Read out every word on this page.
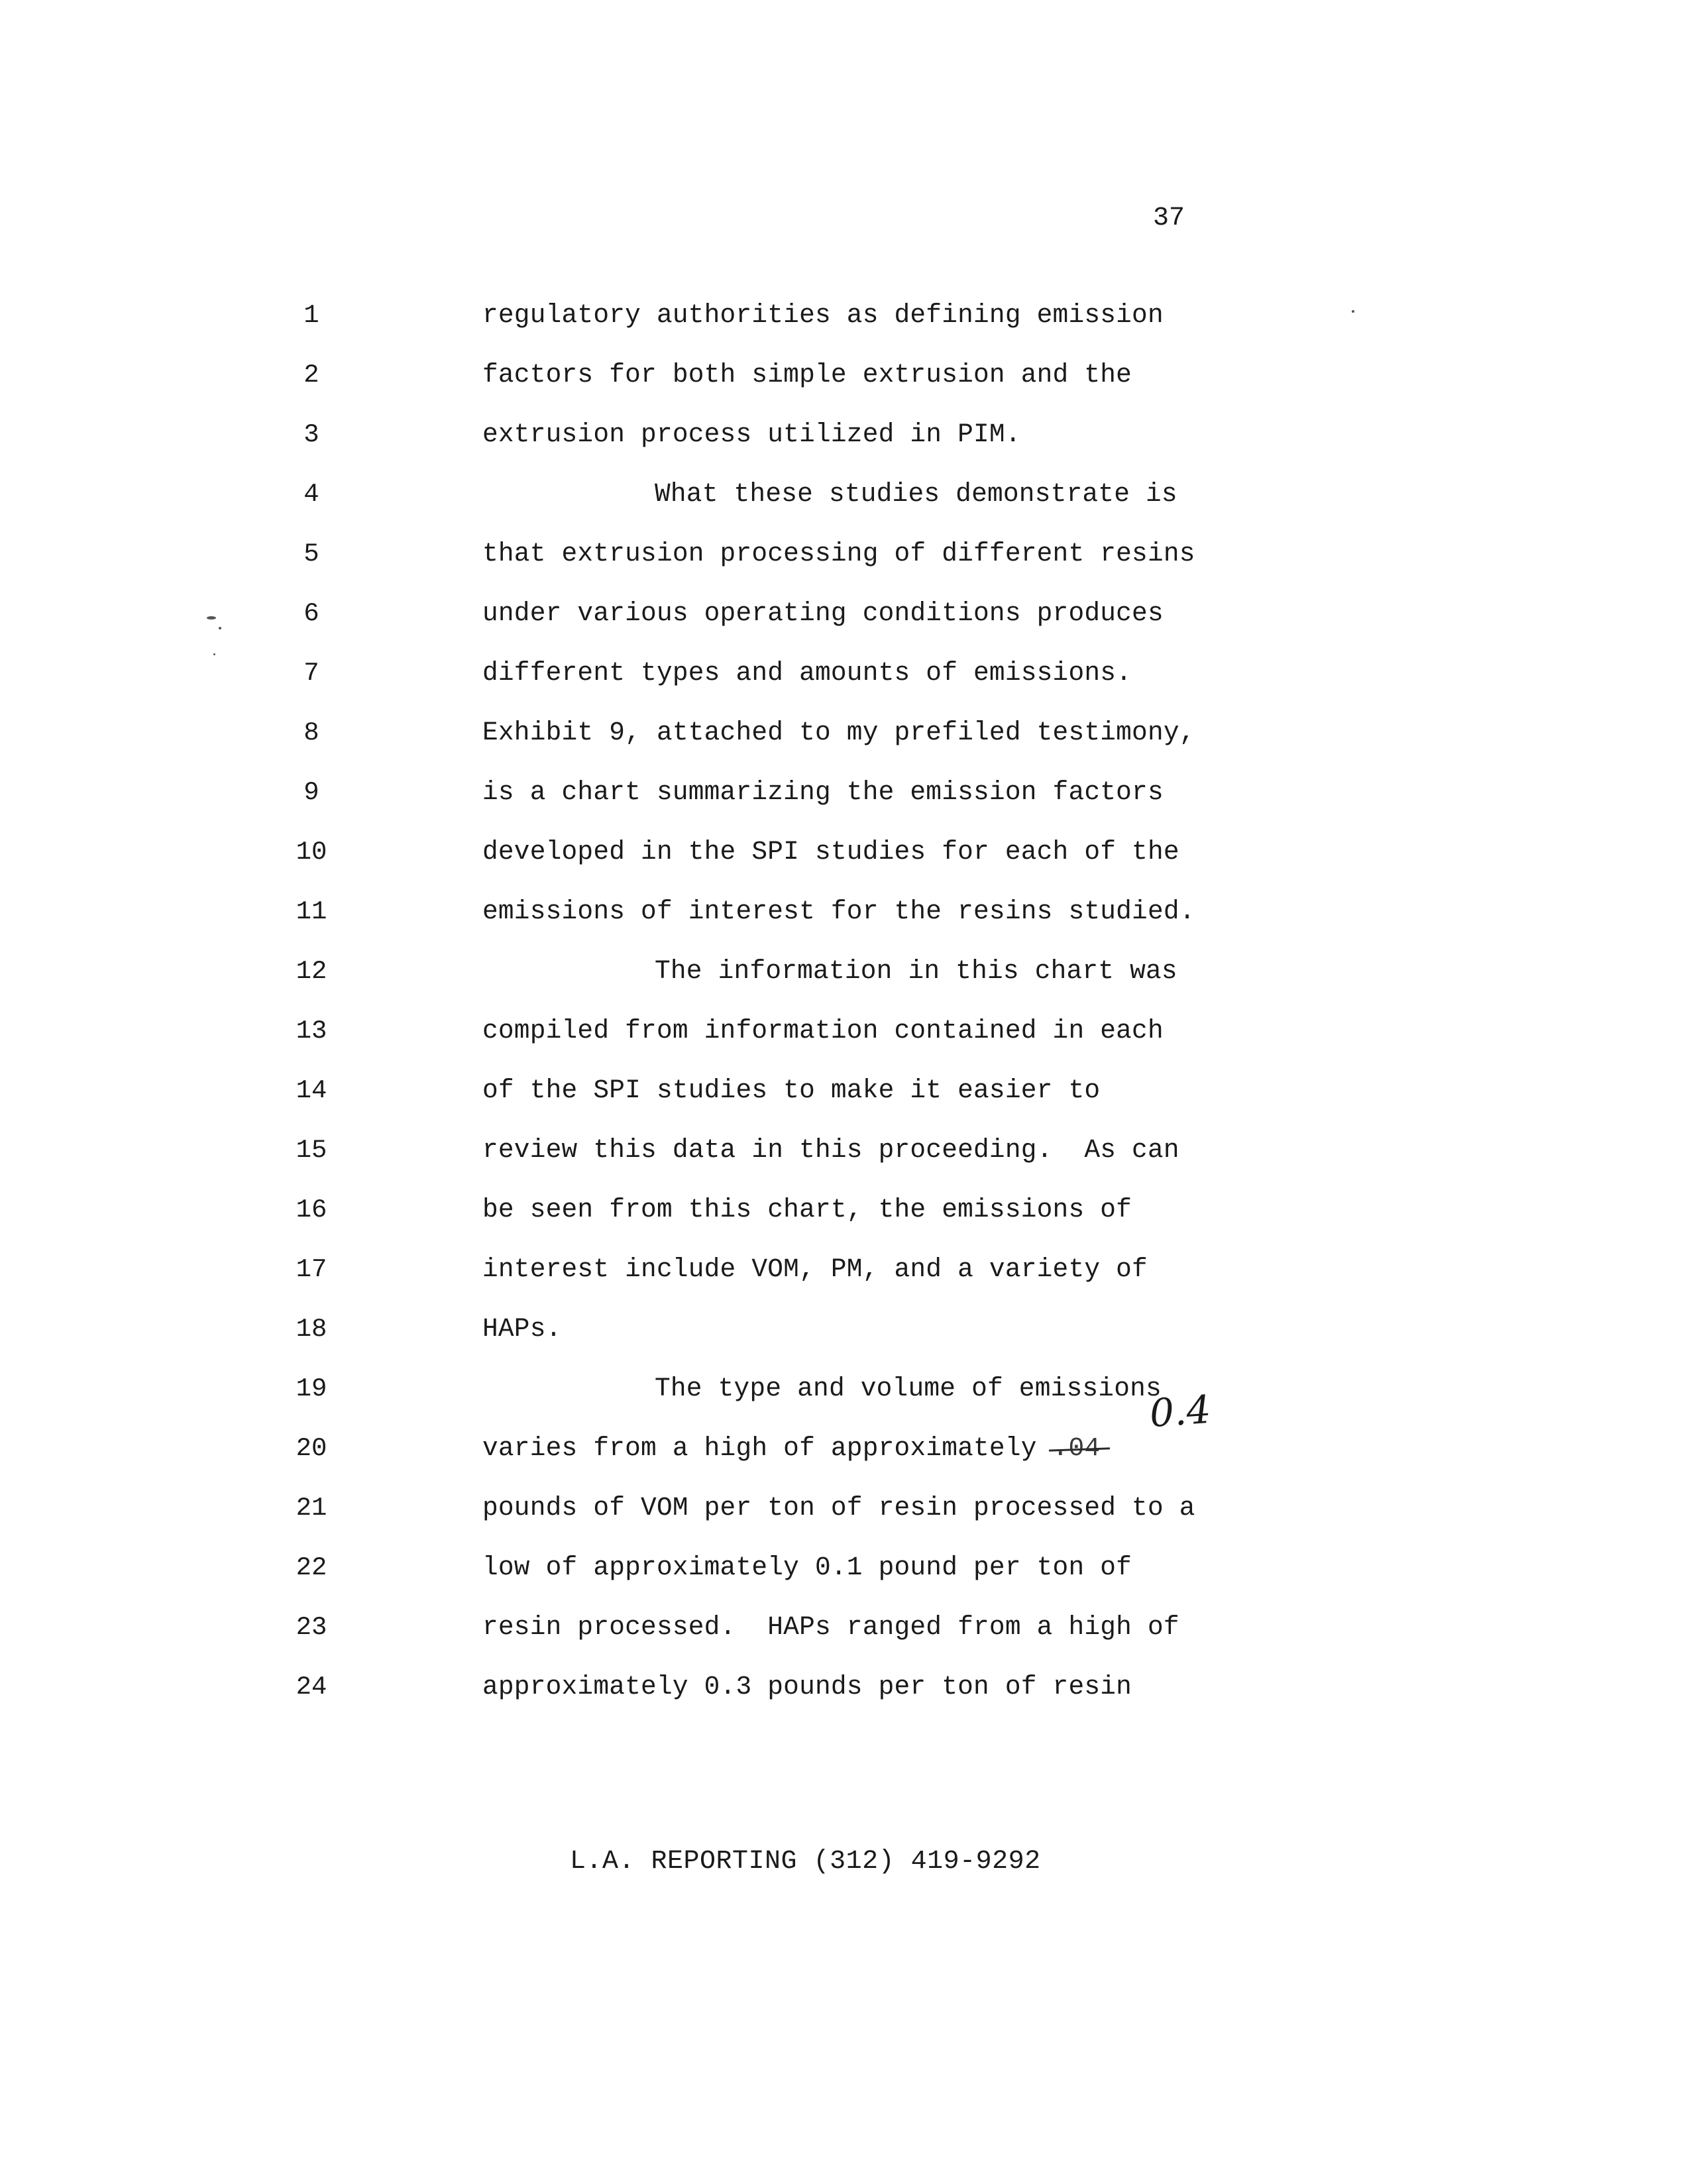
37
1	regulatory authorities as defining emission
2	factors for both simple extrusion and the
3	extrusion process utilized in PIM.
4	What these studies demonstrate is
5	that extrusion processing of different resins
6	under various operating conditions produces
7	different types and amounts of emissions.
8	Exhibit 9, attached to my prefiled testimony,
9	is a chart summarizing the emission factors
10	developed in the SPI studies for each of the
11	emissions of interest for the resins studied.
12	The information in this chart was
13	compiled from information contained in each
14	of the SPI studies to make it easier to
15	review this data in this proceeding.  As can
16	be seen from this chart, the emissions of
17	interest include VOM, PM, and a variety of
18	HAPs.
19	The type and volume of emissions
20	varies from a high of approximately .04
21	pounds of VOM per ton of resin processed to a
22	low of approximately 0.1 pound per ton of
23	resin processed.  HAPs ranged from a high of
24	approximately 0.3 pounds per ton of resin
0.4
L.A. REPORTING (312) 419-9292
